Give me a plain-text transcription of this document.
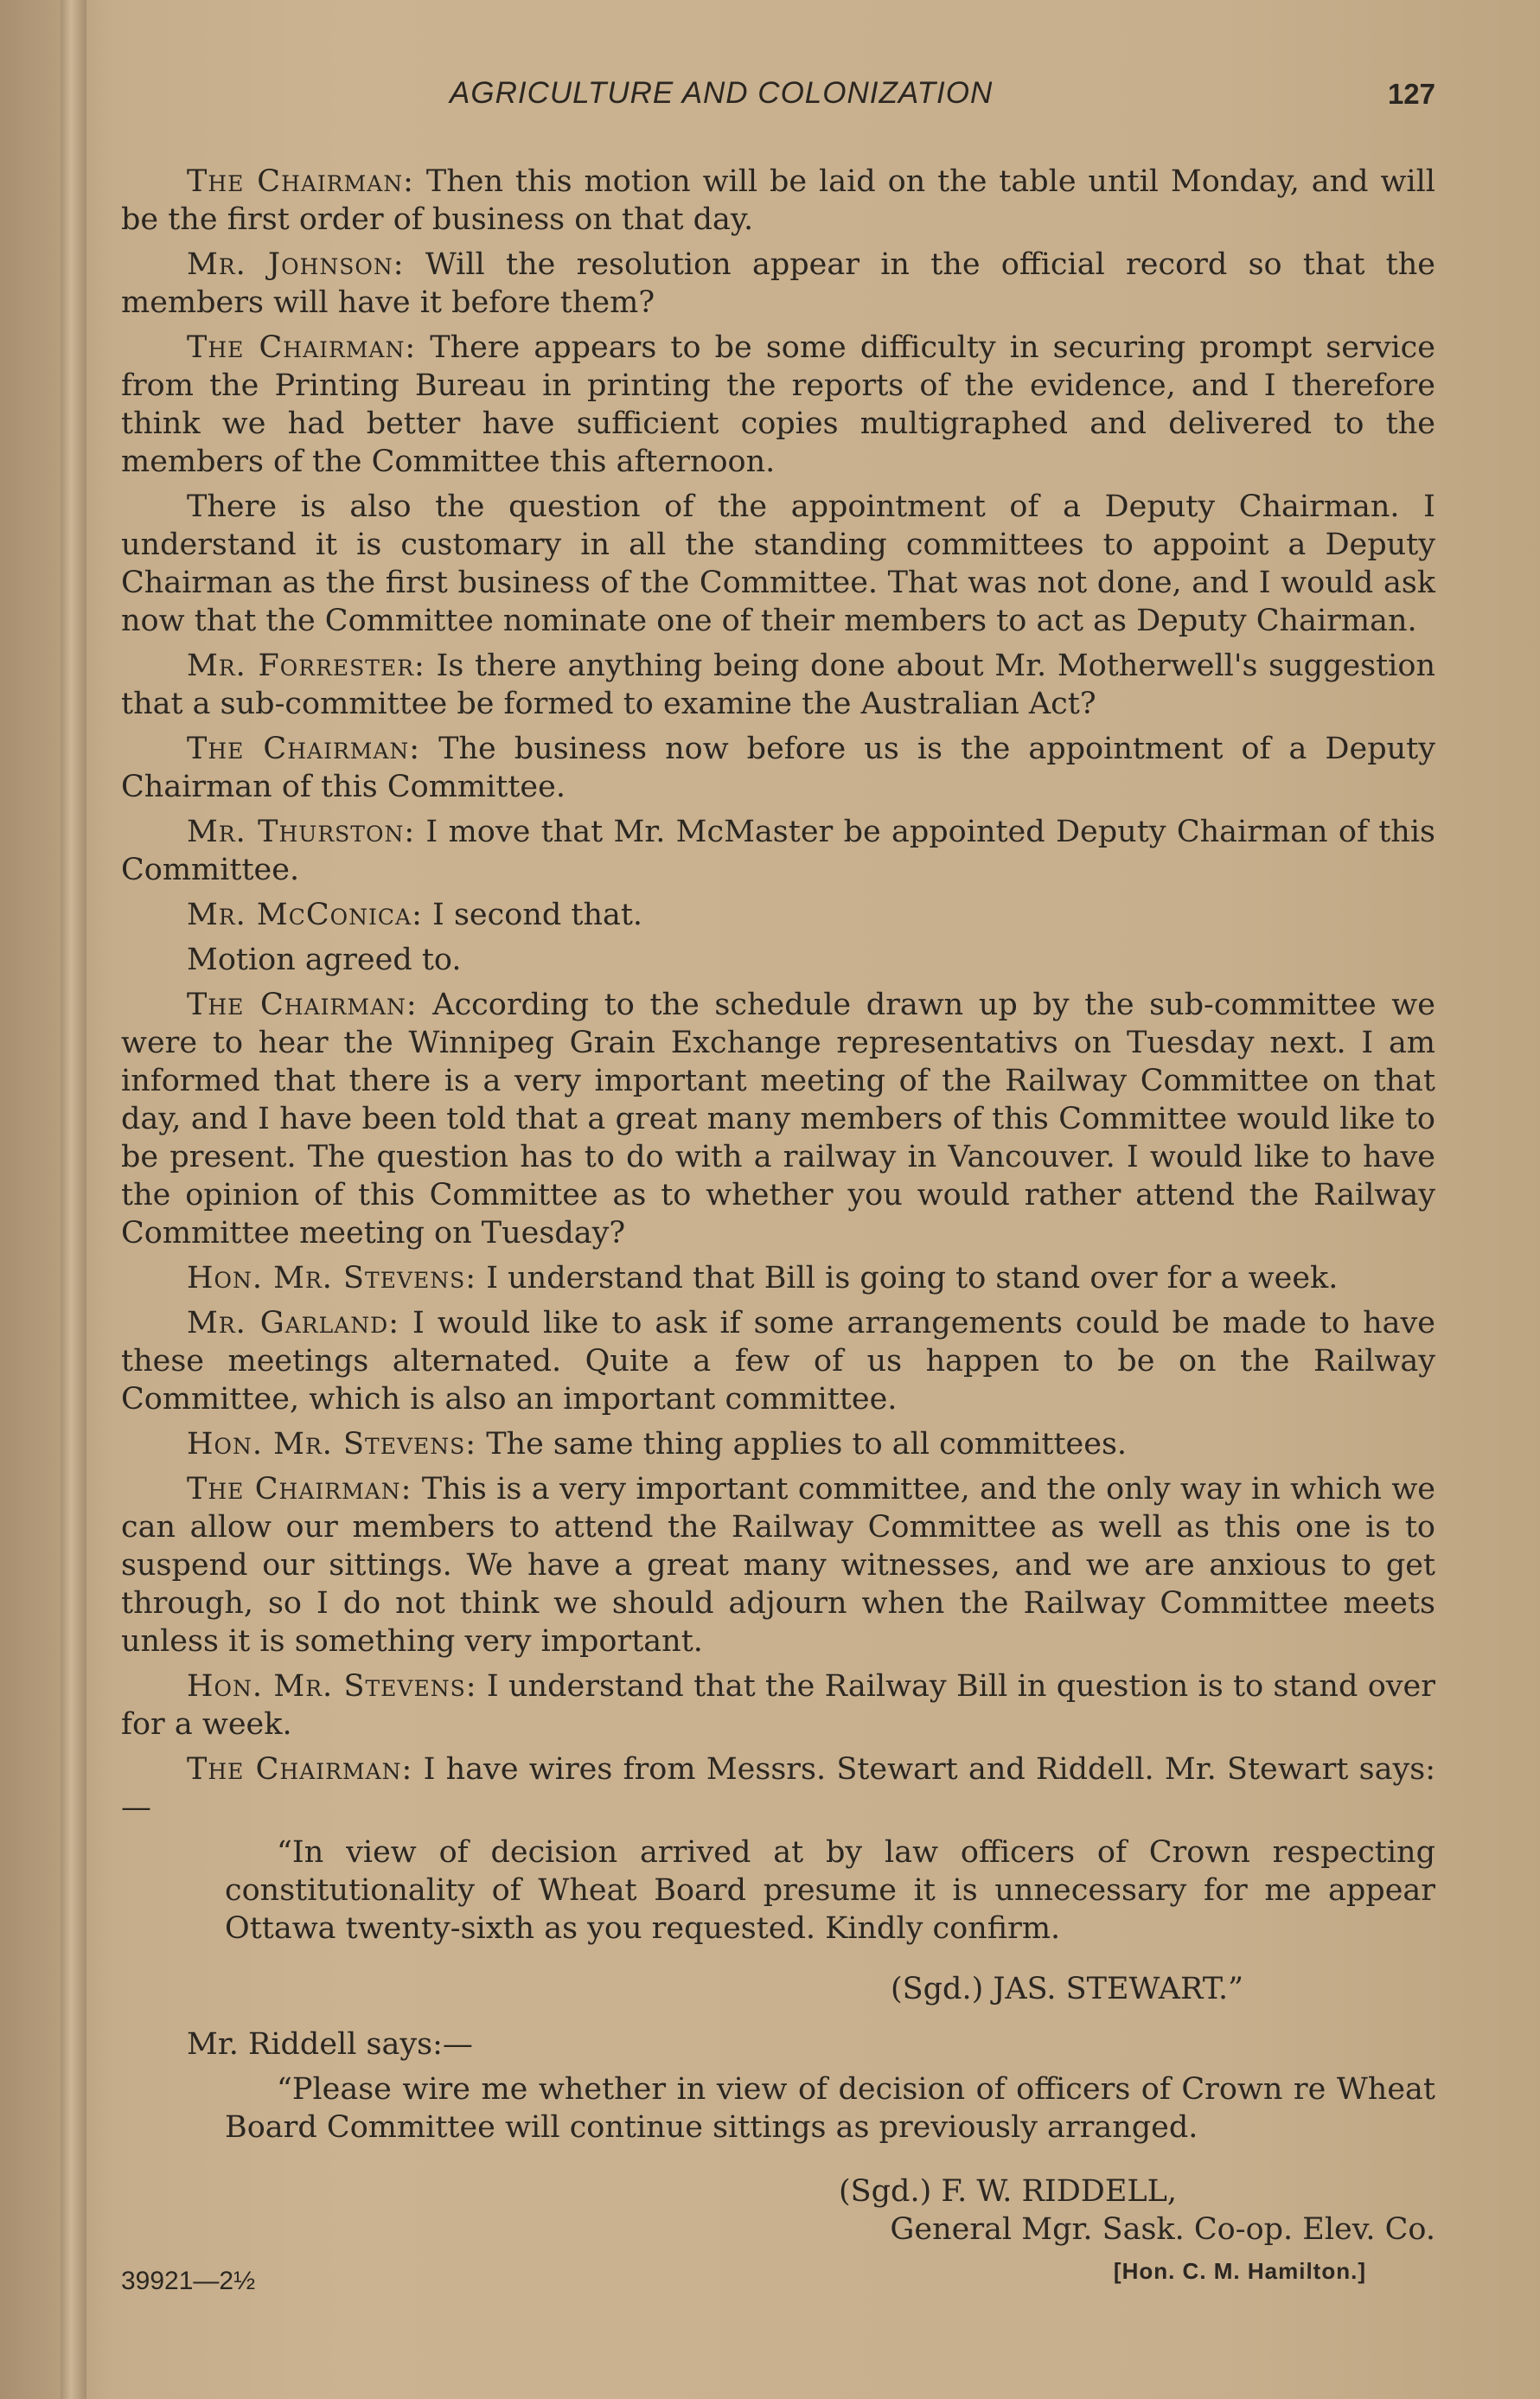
AGRICULTURE AND COLONIZATION	127

The Chairman: Then this motion will be laid on the table until Monday, and will be the first order of business on that day.

Mr. Johnson: Will the resolution appear in the official record so that the members will have it before them?

The Chairman: There appears to be some difficulty in securing prompt service from the Printing Bureau in printing the reports of the evidence, and I therefore think we had better have sufficient copies multigraphed and delivered to the members of the Committee this afternoon.

There is also the question of the appointment of a Deputy Chairman. I understand it is customary in all the standing committees to appoint a Deputy Chairman as the first business of the Committee. That was not done, and I would ask now that the Committee nominate one of their members to act as Deputy Chairman.

Mr. Forrester: Is there anything being done about Mr. Motherwell's suggestion that a sub-committee be formed to examine the Australian Act?

The Chairman: The business now before us is the appointment of a Deputy Chairman of this Committee.

Mr. Thurston: I move that Mr. McMaster be appointed Deputy Chairman of this Committee.

Mr. McConica: I second that.

Motion agreed to.

The Chairman: According to the schedule drawn up by the sub-committee we were to hear the Winnipeg Grain Exchange representativs on Tuesday next. I am informed that there is a very important meeting of the Railway Committee on that day, and I have been told that a great many members of this Committee would like to be present. The question has to do with a railway in Vancouver. I would like to have the opinion of this Committee as to whether you would rather attend the Railway Committee meeting on Tuesday?

Hon. Mr. Stevens: I understand that Bill is going to stand over for a week.

Mr. Garland: I would like to ask if some arrangements could be made to have these meetings alternated. Quite a few of us happen to be on the Railway Committee, which is also an important committee.

Hon. Mr. Stevens: The same thing applies to all committees.

The Chairman: This is a very important committee, and the only way in which we can allow our members to attend the Railway Committee as well as this one is to suspend our sittings. We have a great many witnesses, and we are anxious to get through, so I do not think we should adjourn when the Railway Committee meets unless it is something very important.

Hon. Mr. Stevens: I understand that the Railway Bill in question is to stand over for a week.

The Chairman: I have wires from Messrs. Stewart and Riddell. Mr. Stewart says:—

“In view of decision arrived at by law officers of Crown respecting constitutionality of Wheat Board presume it is unnecessary for me appear Ottawa twenty-sixth as you requested. Kindly confirm.

(Sgd.) JAS. STEWART.”

Mr. Riddell says:—

“Please wire me whether in view of decision of officers of Crown re Wheat Board Committee will continue sittings as previously arranged.

(Sgd.) F. W. RIDDELL,
General Mgr. Sask. Co-op. Elev. Co.
[Hon. C. M. Hamilton.]
39921—2½
